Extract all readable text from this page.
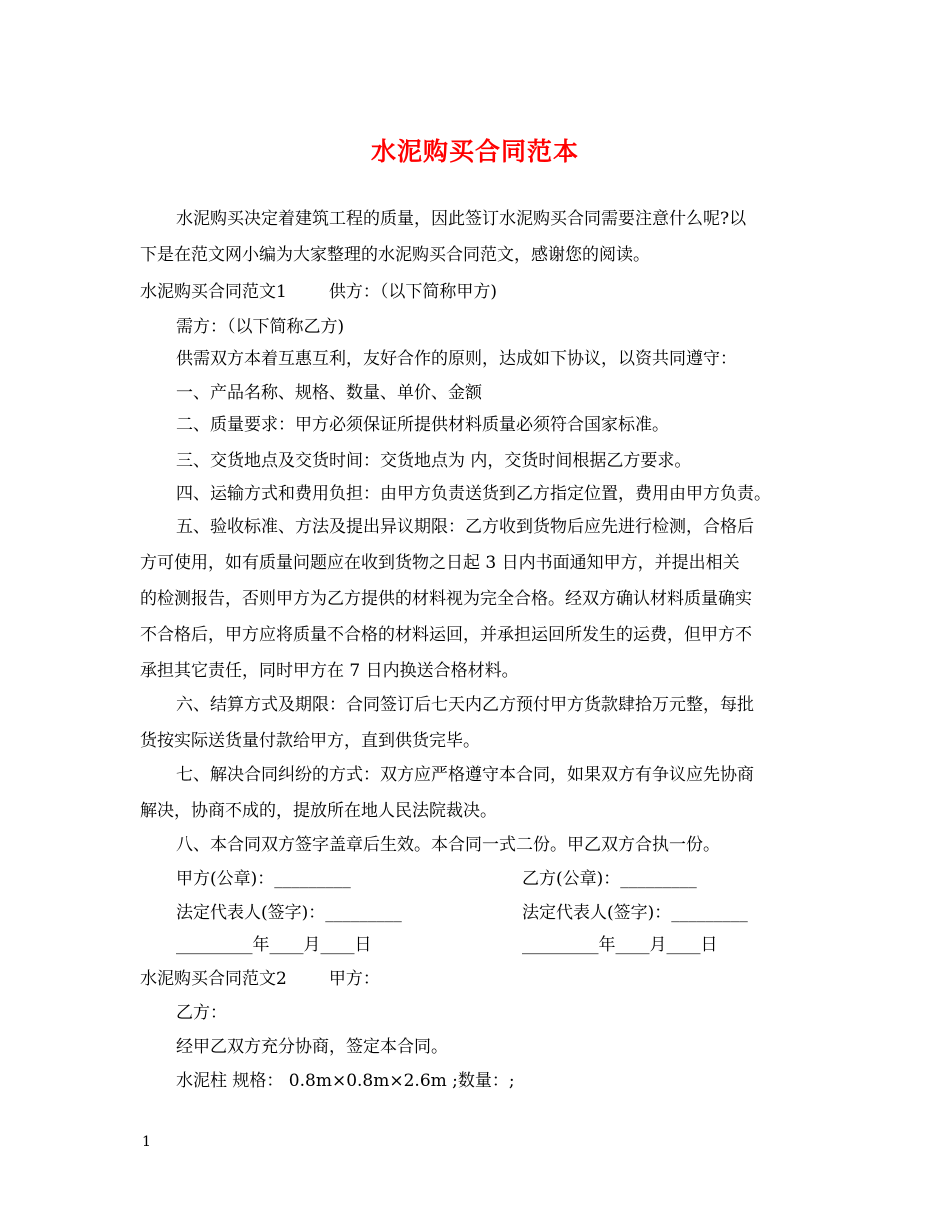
水泥购买合同范本
水泥购买决定着建筑工程的质量，因此签订水泥购买合同需要注意什么呢?以
下是在范文网小编为大家整理的水泥购买合同范文，感谢您的阅读。
水泥购买合同范文1 供方：（以下简称甲方)
需方：（以下简称乙方)
供需双方本着互惠互利，友好合作的原则，达成如下协议，以资共同遵守：
一、产品名称、规格、数量、单价、金额
二、质量要求：甲方必须保证所提供材料质量必须符合国家标准。
三、交货地点及交货时间：交货地点为 内，交货时间根据乙方要求。
四、运输方式和费用负担：由甲方负责送货到乙方指定位置，费用由甲方负责。
五、验收标准、方法及提出异议期限：乙方收到货物后应先进行检测，合格后
方可使用，如有质量问题应在收到货物之日起 3 日内书面通知甲方，并提出相关
的检测报告，否则甲方为乙方提供的材料视为完全合格。经双方确认材料质量确实
不合格后，甲方应将质量不合格的材料运回，并承担运回所发生的运费，但甲方不
承担其它责任，同时甲方在 7 日内换送合格材料。
六、结算方式及期限：合同签订后七天内乙方预付甲方货款肆拾万元整，每批
货按实际送货量付款给甲方，直到供货完毕。
七、解决合同纠纷的方式：双方应严格遵守本合同，如果双方有争议应先协商
解决，协商不成的，提放所在地人民法院裁决。
八、本合同双方签字盖章后生效。本合同一式二份。甲乙双方合执一份。
甲方(公章)：_________	乙方(公章)：_________
法定代表人(签字)：_________	法定代表人(签字)：_________
_________年____月____日	_________年____月____日
水泥购买合同范文2 甲方：
乙方：
经甲乙双方充分协商，签定本合同。
水泥柱 规格： 0.8m×0.8m×2.6m ;数量：;
1
